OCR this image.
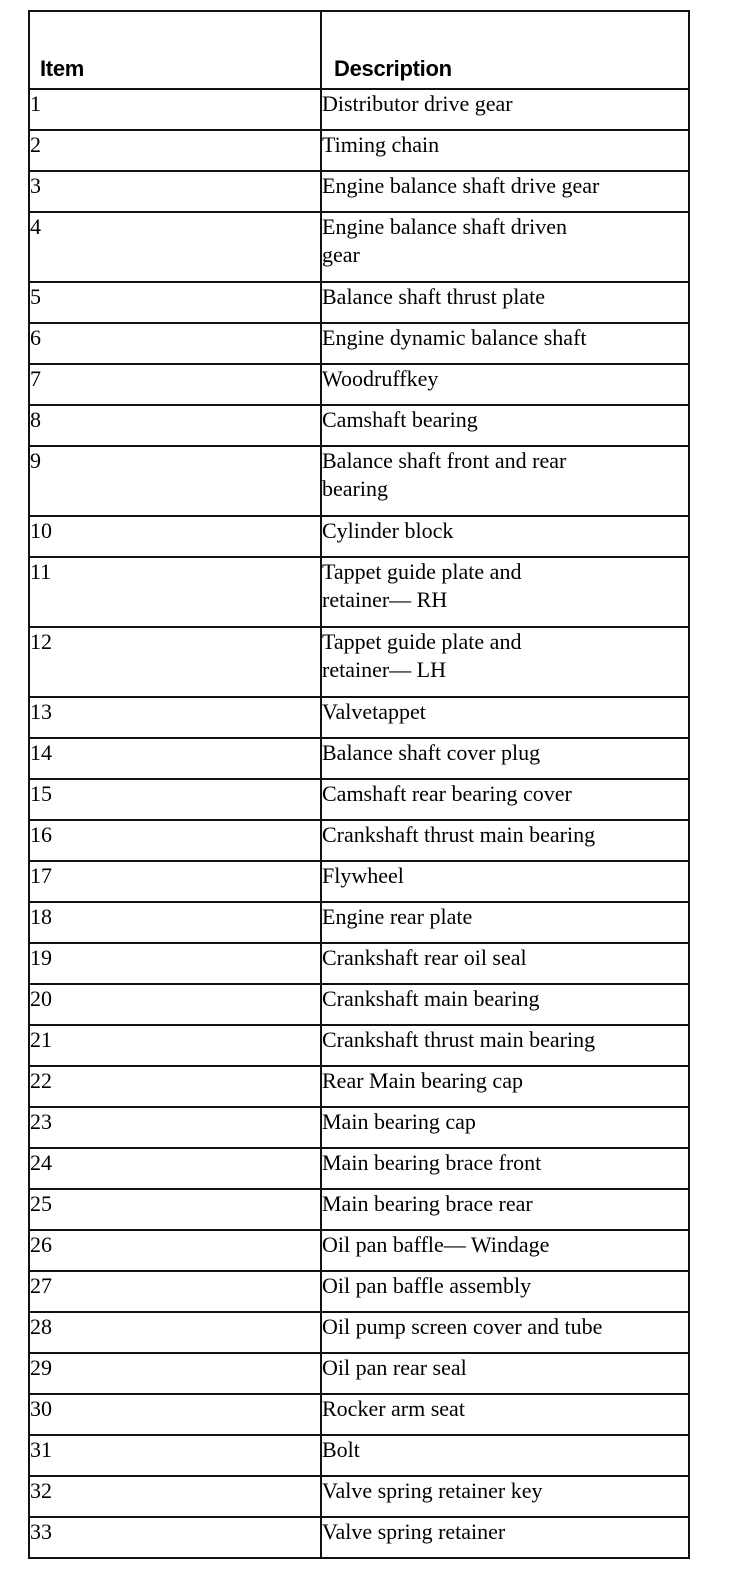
Item	Description
1	Distributor drive gear

2	Timing chain

3	Engine balance shaft drive gear

4	Engine balance shaft driven
gear

5	Balance shaft thrust plate

6	Engine dynamic balance shaft

7	Woodruffkey

8	Camshaft bearing

9	Balance shaft front and rear
bearing

10	Cylinder block

11	Tappet guide plate and
retainer— RH

12	Tappet guide plate and
retainer— LH

13	Valvetappet

14	Balance shaft cover plug

15	Camshaft rear bearing cover

16	Crankshaft thrust main bearing

17	Flywheel

18	Engine rear plate

19	Crankshaft rear oil seal

20	Crankshaft main bearing

21	Crankshaft thrust main bearing

22	Rear Main bearing cap

23	Main bearing cap

24	Main bearing brace front

25	Main bearing brace rear

26	Oil pan baffle— Windage

27	Oil pan baffle assembly

28	Oil pump screen cover and tube

29	Oil pan rear seal

30	Rocker arm seat

31	Bolt

32	Valve spring retainer key

33	Valve spring retainer
